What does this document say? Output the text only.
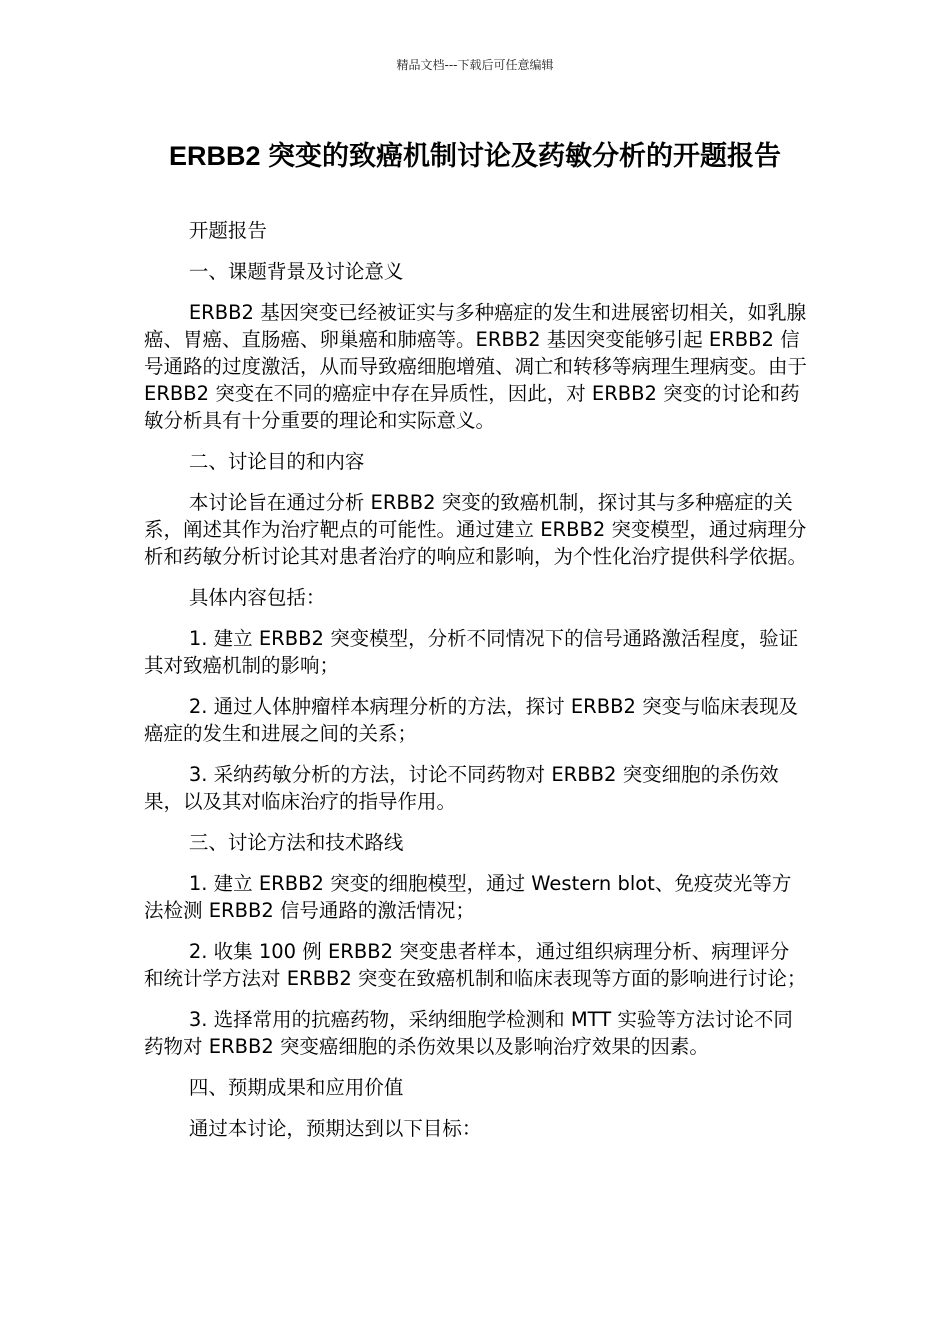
精品文档---下载后可任意编辑
ERBB2 突变的致癌机制讨论及药敏分析的开题报告

开题报告

一、课题背景及讨论意义

ERBB2 基因突变已经被证实与多种癌症的发生和进展密切相关，如乳腺癌、胃癌、直肠癌、卵巢癌和肺癌等。ERBB2 基因突变能够引起 ERBB2 信号通路的过度激活，从而导致癌细胞增殖、凋亡和转移等病理生理病变。由于 ERBB2 突变在不同的癌症中存在异质性，因此，对 ERBB2 突变的讨论和药敏分析具有十分重要的理论和实际意义。

二、讨论目的和内容

本讨论旨在通过分析 ERBB2 突变的致癌机制，探讨其与多种癌症的关系，阐述其作为治疗靶点的可能性。通过建立 ERBB2 突变模型，通过病理分析和药敏分析讨论其对患者治疗的响应和影响，为个性化治疗提供科学依据。

具体内容包括：

1. 建立 ERBB2 突变模型，分析不同情况下的信号通路激活程度，验证其对致癌机制的影响；

2. 通过人体肿瘤样本病理分析的方法，探讨 ERBB2 突变与临床表现及癌症的发生和进展之间的关系；

3. 采纳药敏分析的方法，讨论不同药物对 ERBB2 突变细胞的杀伤效果，以及其对临床治疗的指导作用。

三、讨论方法和技术路线

1. 建立 ERBB2 突变的细胞模型，通过 Western blot、免疫荧光等方法检测 ERBB2 信号通路的激活情况；

2. 收集 100 例 ERBB2 突变患者样本，通过组织病理分析、病理评分和统计学方法对 ERBB2 突变在致癌机制和临床表现等方面的影响进行讨论；

3. 选择常用的抗癌药物，采纳细胞学检测和 MTT 实验等方法讨论不同药物对 ERBB2 突变癌细胞的杀伤效果以及影响治疗效果的因素。

四、预期成果和应用价值

通过本讨论，预期达到以下目标：
